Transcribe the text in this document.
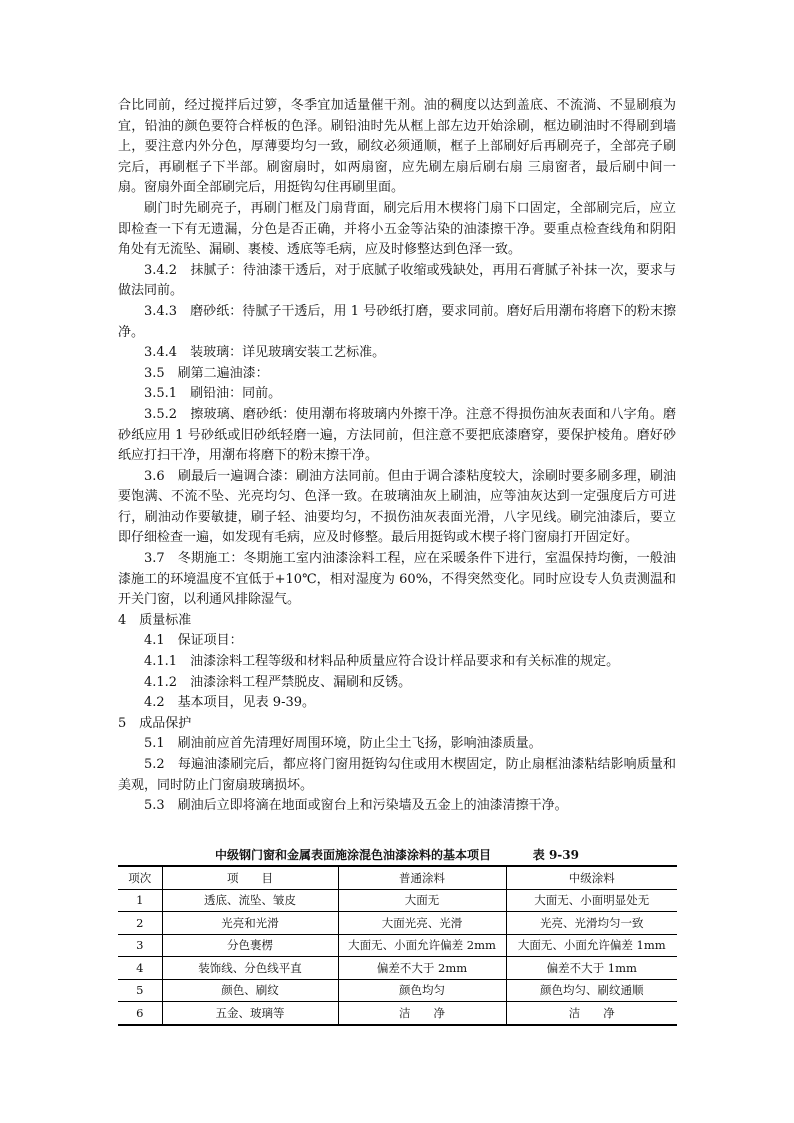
合比同前，经过搅拌后过箩，冬季宜加适量催干剂。油的稠度以达到盖底、不流淌、不显刷痕为宜，铅油的颜色要符合样板的色泽。刷铅油时先从框上部左边开始涂刷，框边刷油时不得刷到墙上，要注意内外分色，厚薄要均匀一致，刷纹必须通顺，框子上部刷好后再刷亮子，全部亮子刷完后，再刷框子下半部。刷窗扇时，如两扇窗，应先刷左扇后刷右扇 三扇窗者，最后刷中间一扇。窗扇外面全部刷完后，用挺钩勾住再刷里面。

刷门时先刷亮子，再刷门框及门扇背面，刷完后用木楔将门扇下口固定，全部刷完后，应立即检查一下有无遗漏，分色是否正确，并将小五金等沾染的油漆擦干净。要重点检查线角和阴阳角处有无流坠、漏刷、裹棱、透底等毛病，应及时修整达到色泽一致。

3.4.2　抹腻子：待油漆干透后，对于底腻子收缩或残缺处，再用石膏腻子补抹一次，要求与做法同前。

3.4.3　磨砂纸：待腻子干透后，用 1 号砂纸打磨，要求同前。磨好后用潮布将磨下的粉末擦净。

3.4.4　装玻璃：详见玻璃安装工艺标准。

3.5　刷第二遍油漆：

3.5.1　刷铅油：同前。

3.5.2　擦玻璃、磨砂纸：使用潮布将玻璃内外擦干净。注意不得损伤油灰表面和八字角。磨砂纸应用 1 号砂纸或旧砂纸轻磨一遍，方法同前，但注意不要把底漆磨穿，要保护棱角。磨好砂纸应打扫干净，用潮布将磨下的粉末擦干净。

3.6　刷最后一遍调合漆：刷油方法同前。但由于调合漆粘度较大，涂刷时要多刷多理，刷油要饱满、不流不坠、光亮均匀、色泽一致。在玻璃油灰上刷油，应等油灰达到一定强度后方可进行，刷油动作要敏捷，刷子轻、油要均匀，不损伤油灰表面光滑，八字见线。刷完油漆后，要立即仔细检查一遍，如发现有毛病，应及时修整。最后用挺钩或木楔子将门窗扇打开固定好。

3.7　冬期施工：冬期施工室内油漆涂料工程，应在采暖条件下进行，室温保持均衡，一般油漆施工的环境温度不宜低于+10℃，相对湿度为 60%，不得突然变化。同时应设专人负责测温和开关门窗，以利通风排除湿气。

4　质量标准

4.1　保证项目：

4.1.1　油漆涂料工程等级和材料品种质量应符合设计样品要求和有关标准的规定。

4.1.2　油漆涂料工程严禁脱皮、漏刷和反锈。

4.2　基本项目，见表 9-39。

5　成品保护

5.1　刷油前应首先清理好周围环境，防止尘土飞扬，影响油漆质量。

5.2　每遍油漆刷完后，都应将门窗用挺钩勾住或用木楔固定，防止扇框油漆粘结影响质量和美观，同时防止门窗扇玻璃损坏。

5.3　刷油后立即将滴在地面或窗台上和污染墙及五金上的油漆清擦干净。

中级钢门窗和金属表面施涂混色油漆涂料的基本项目          表 9-39
项次	项　　目	普通涂料	中级涂料
1	透底、流坠、皱皮	大面无	大面无、小面明显处无
2	光亮和光滑	大面光亮、光滑	光亮、光滑均匀一致
3	分色裹楞	大面无、小面允许偏差 2mm	大面无、小面允许偏差 1mm
4	装饰线、分色线平直	偏差不大于 2mm	偏差不大于 1mm
5	颜色、刷纹	颜色均匀	颜色均匀、刷纹通顺
6	五金、玻璃等	洁　　净	洁　　净
